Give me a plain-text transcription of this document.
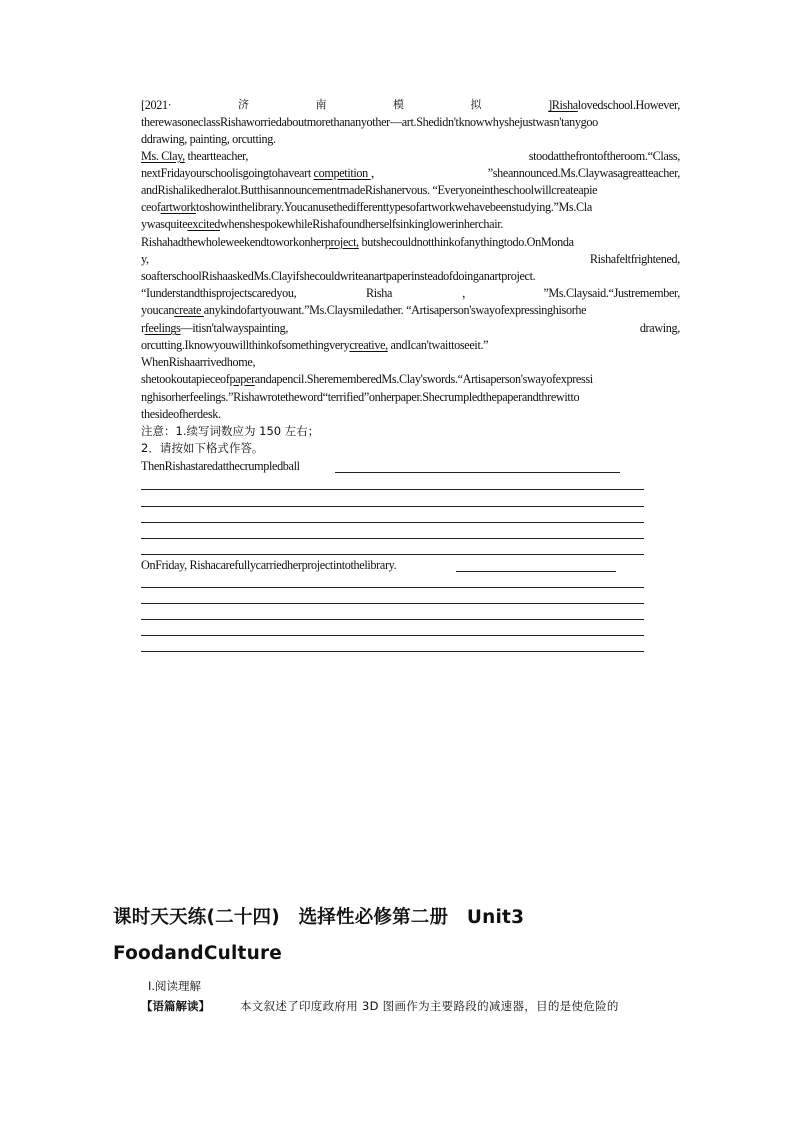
[2021·	济	南	模	拟	]Rishalovedschool.However,
therewasoneclassRishaworriedaboutmorethananyother—art.Shedidn'tknowwhyshejustwasn'tanygoo
ddrawing, painting, orcutting.
Ms. Clay, theartteacher,	stoodatthefrontoftheroom.“Class,
nextFridayourschoolisgoingtohaveart competition ，	”sheannounced.Ms.Claywasagreatteacher,
andRishalikedheralot.ButthisannouncementmadeRishanervous. “Everyoneintheschoolwillcreateapie
ceofartworktoshowinthelibrary.Youcanusethedifferenttypesofartworkwehavebeenstudying.”Ms.Cla
ywasquiteexcitedwhenshespokewhileRishafoundherselfsinkinglowerinherchair.
Rishahadthewholeweekendtoworkonherproject, butshecouldnotthinkofanythingtodo.OnMonda
y,	Rishafeltfrightened,
soafterschoolRishaaskedMs.Clayifshecouldwriteanartpaperinsteadofdoinganartproject.
“Iunderstandthisprojectscaredyou,	Risha	，	”Ms.Claysaid.“Justremember,
youcancreate anykindofartyouwant.”Ms.Claysmiledather. “Artisaperson'swayofexpressinghisorhe
rfeelings—itisn'talwayspainting,	drawing,
orcutting.Iknowyouwillthinkofsomethingverycreative, andIcan'twaittoseeit.”
WhenRishaarrivedhome,
shetookoutapieceofpaperandapencil.SherememberedMs.Clay'swords.“Artisaperson'swayofexpressi
nghisorherfeelings.”Rishawrotetheword“terrified”onherpaper.Shecrumpledthepaperandthrewitto
thesideofherdesk.
注意：1.续写词数应为 150 左右；
2．请按如下格式作答。
ThenRishastaredatthecrumpledball
OnFriday, Rishacarefullycarriedherprojectintothelibrary.
课时天天练(二十四)　选择性必修第二册　Unit3
FoodandCulture
Ⅰ.阅读理解
【语篇解读】	本文叙述了印度政府用 3D 图画作为主要路段的减速器，目的是使危险的
